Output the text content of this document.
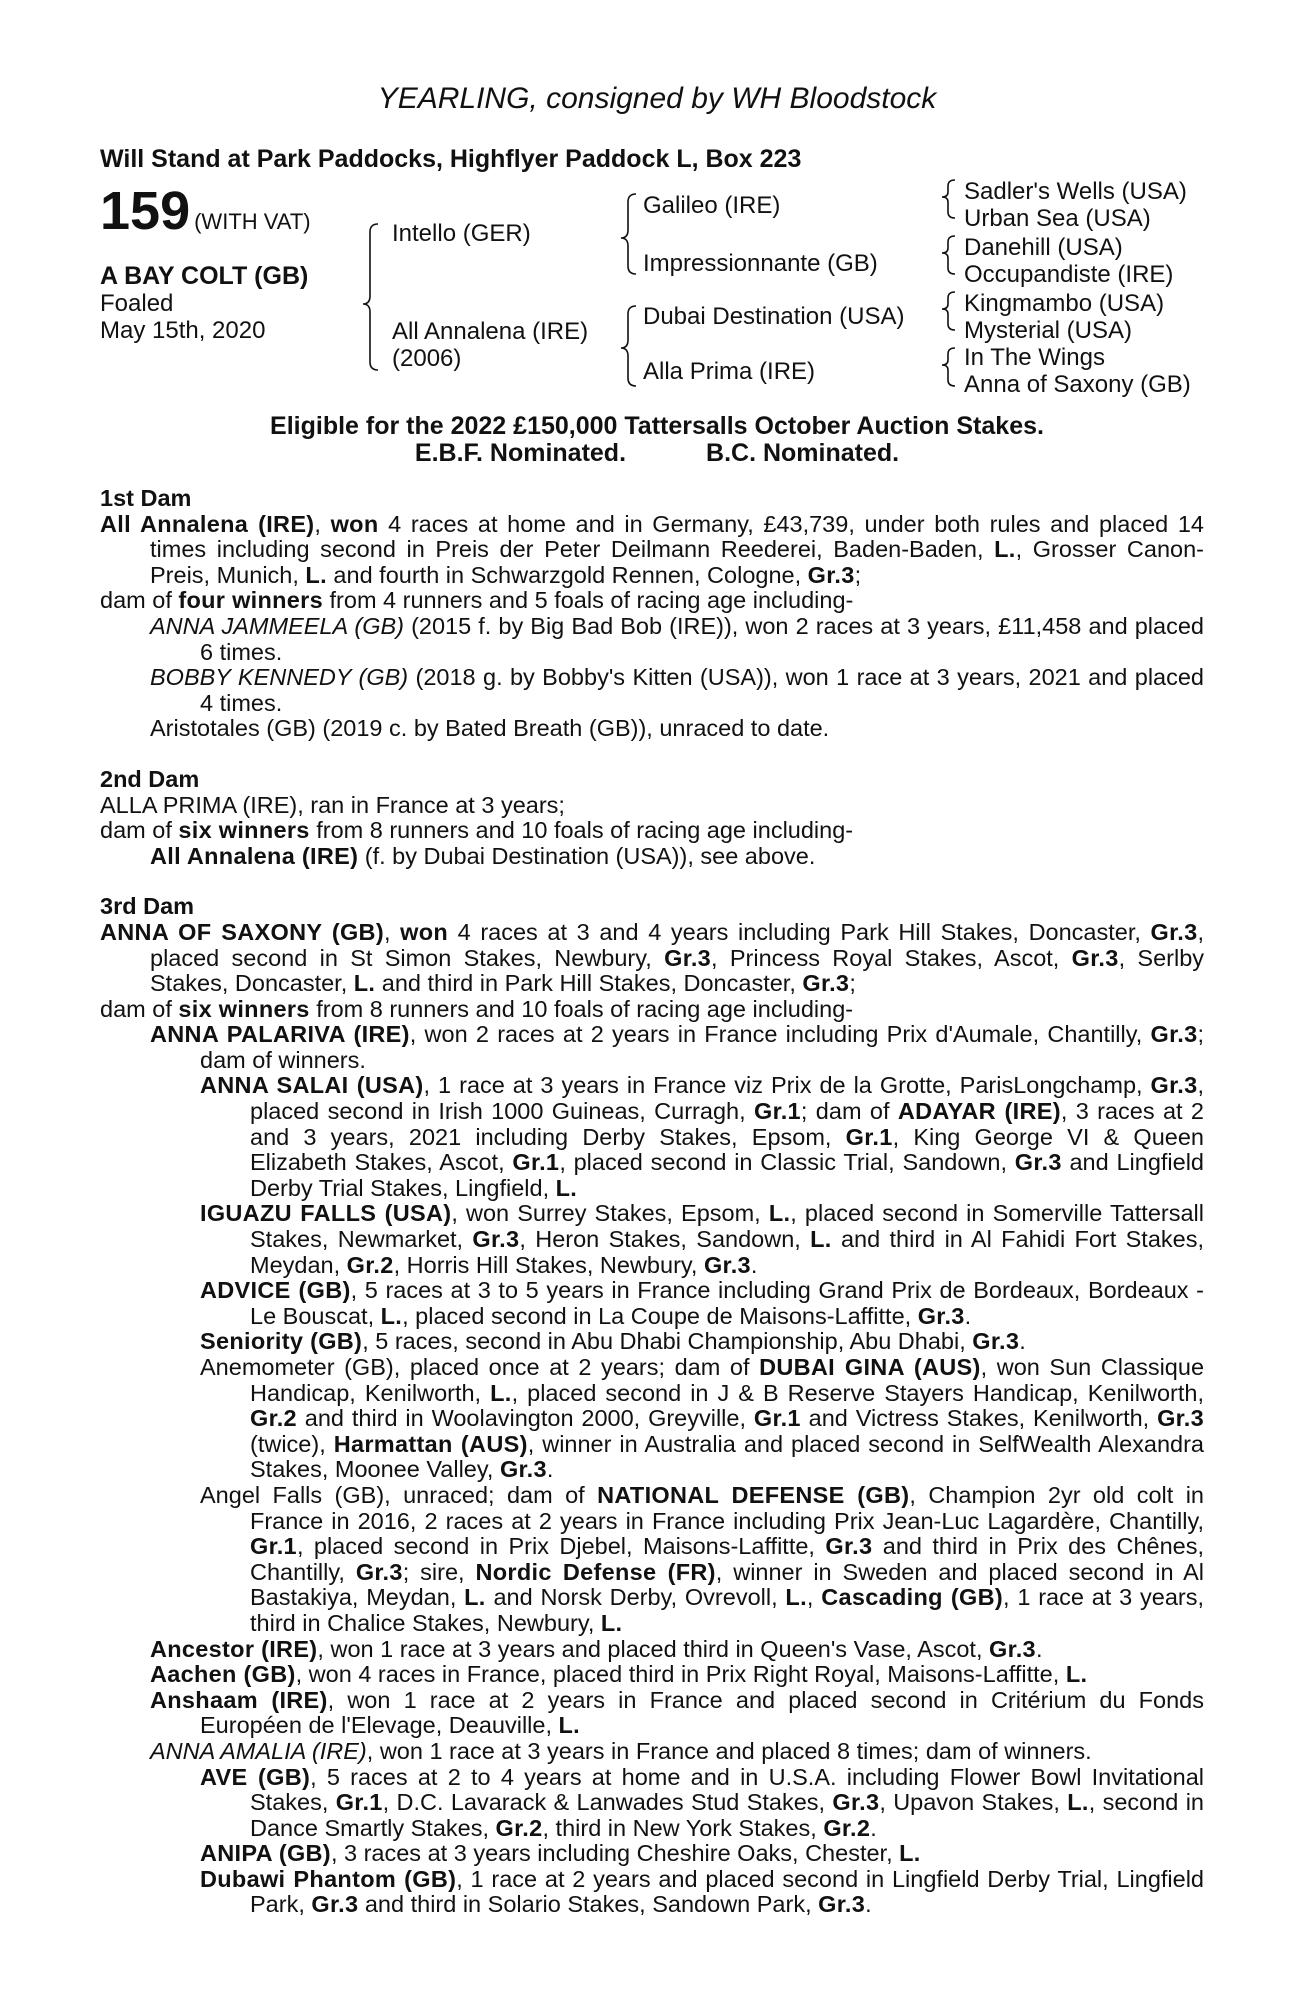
YEARLING, consigned by WH Bloodstock
Will Stand at Park Paddocks, Highflyer Paddock L, Box 223
159 (WITH VAT)
A BAY COLT (GB)
Foaled
May 15th, 2020
Intello (GER)
All Annalena (IRE)
(2006)
Galileo (IRE)
Impressionnante (GB)
Dubai Destination (USA)
Alla Prima (IRE)
Sadler's Wells (USA)
Urban Sea (USA)
Danehill (USA)
Occupandiste (IRE)
Kingmambo (USA)
Mysterial (USA)
In The Wings
Anna of Saxony (GB)
Eligible for the 2022 £150,000 Tattersalls October Auction Stakes.
E.B.F. Nominated.	B.C. Nominated.
1st Dam
All Annalena (IRE), won 4 races at home and in Germany, £43,739, under both rules and placed 14 times including second in Preis der Peter Deilmann Reederei, Baden-Baden, L., Grosser Canon-Preis, Munich, L. and fourth in Schwarzgold Rennen, Cologne, Gr.3;
dam of four winners from 4 runners and 5 foals of racing age including-
ANNA JAMMEELA (GB) (2015 f. by Big Bad Bob (IRE)), won 2 races at 3 years, £11,458 and placed 6 times.
BOBBY KENNEDY (GB) (2018 g. by Bobby's Kitten (USA)), won 1 race at 3 years, 2021 and placed 4 times.
Aristotales (GB) (2019 c. by Bated Breath (GB)), unraced to date.
2nd Dam
ALLA PRIMA (IRE), ran in France at 3 years;
dam of six winners from 8 runners and 10 foals of racing age including-
All Annalena (IRE) (f. by Dubai Destination (USA)), see above.
3rd Dam
ANNA OF SAXONY (GB), won 4 races at 3 and 4 years including Park Hill Stakes, Doncaster, Gr.3, placed second in St Simon Stakes, Newbury, Gr.3, Princess Royal Stakes, Ascot, Gr.3, Serlby Stakes, Doncaster, L. and third in Park Hill Stakes, Doncaster, Gr.3;
dam of six winners from 8 runners and 10 foals of racing age including-
ANNA PALARIVA (IRE), won 2 races at 2 years in France including Prix d'Aumale, Chantilly, Gr.3; dam of winners.
ANNA SALAI (USA), 1 race at 3 years in France viz Prix de la Grotte, ParisLongchamp, Gr.3, placed second in Irish 1000 Guineas, Curragh, Gr.1; dam of ADAYAR (IRE), 3 races at 2 and 3 years, 2021 including Derby Stakes, Epsom, Gr.1, King George VI & Queen Elizabeth Stakes, Ascot, Gr.1, placed second in Classic Trial, Sandown, Gr.3 and Lingfield Derby Trial Stakes, Lingfield, L.
IGUAZU FALLS (USA), won Surrey Stakes, Epsom, L., placed second in Somerville Tattersall Stakes, Newmarket, Gr.3, Heron Stakes, Sandown, L. and third in Al Fahidi Fort Stakes, Meydan, Gr.2, Horris Hill Stakes, Newbury, Gr.3.
ADVICE (GB), 5 races at 3 to 5 years in France including Grand Prix de Bordeaux, Bordeaux - Le Bouscat, L., placed second in La Coupe de Maisons-Laffitte, Gr.3.
Seniority (GB), 5 races, second in Abu Dhabi Championship, Abu Dhabi, Gr.3.
Anemometer (GB), placed once at 2 years; dam of DUBAI GINA (AUS), won Sun Classique Handicap, Kenilworth, L., placed second in J & B Reserve Stayers Handicap, Kenilworth, Gr.2 and third in Woolavington 2000, Greyville, Gr.1 and Victress Stakes, Kenilworth, Gr.3 (twice), Harmattan (AUS), winner in Australia and placed second in SelfWealth Alexandra Stakes, Moonee Valley, Gr.3.
Angel Falls (GB), unraced; dam of NATIONAL DEFENSE (GB), Champion 2yr old colt in France in 2016, 2 races at 2 years in France including Prix Jean-Luc Lagardère, Chantilly, Gr.1, placed second in Prix Djebel, Maisons-Laffitte, Gr.3 and third in Prix des Chênes, Chantilly, Gr.3; sire, Nordic Defense (FR), winner in Sweden and placed second in Al Bastakiya, Meydan, L. and Norsk Derby, Ovrevoll, L., Cascading (GB), 1 race at 3 years, third in Chalice Stakes, Newbury, L.
Ancestor (IRE), won 1 race at 3 years and placed third in Queen's Vase, Ascot, Gr.3.
Aachen (GB), won 4 races in France, placed third in Prix Right Royal, Maisons-Laffitte, L.
Anshaam (IRE), won 1 race at 2 years in France and placed second in Critérium du Fonds Européen de l'Elevage, Deauville, L.
ANNA AMALIA (IRE), won 1 race at 3 years in France and placed 8 times; dam of winners.
AVE (GB), 5 races at 2 to 4 years at home and in U.S.A. including Flower Bowl Invitational Stakes, Gr.1, D.C. Lavarack & Lanwades Stud Stakes, Gr.3, Upavon Stakes, L., second in Dance Smartly Stakes, Gr.2, third in New York Stakes, Gr.2.
ANIPA (GB), 3 races at 3 years including Cheshire Oaks, Chester, L.
Dubawi Phantom (GB), 1 race at 2 years and placed second in Lingfield Derby Trial, Lingfield Park, Gr.3 and third in Solario Stakes, Sandown Park, Gr.3.
